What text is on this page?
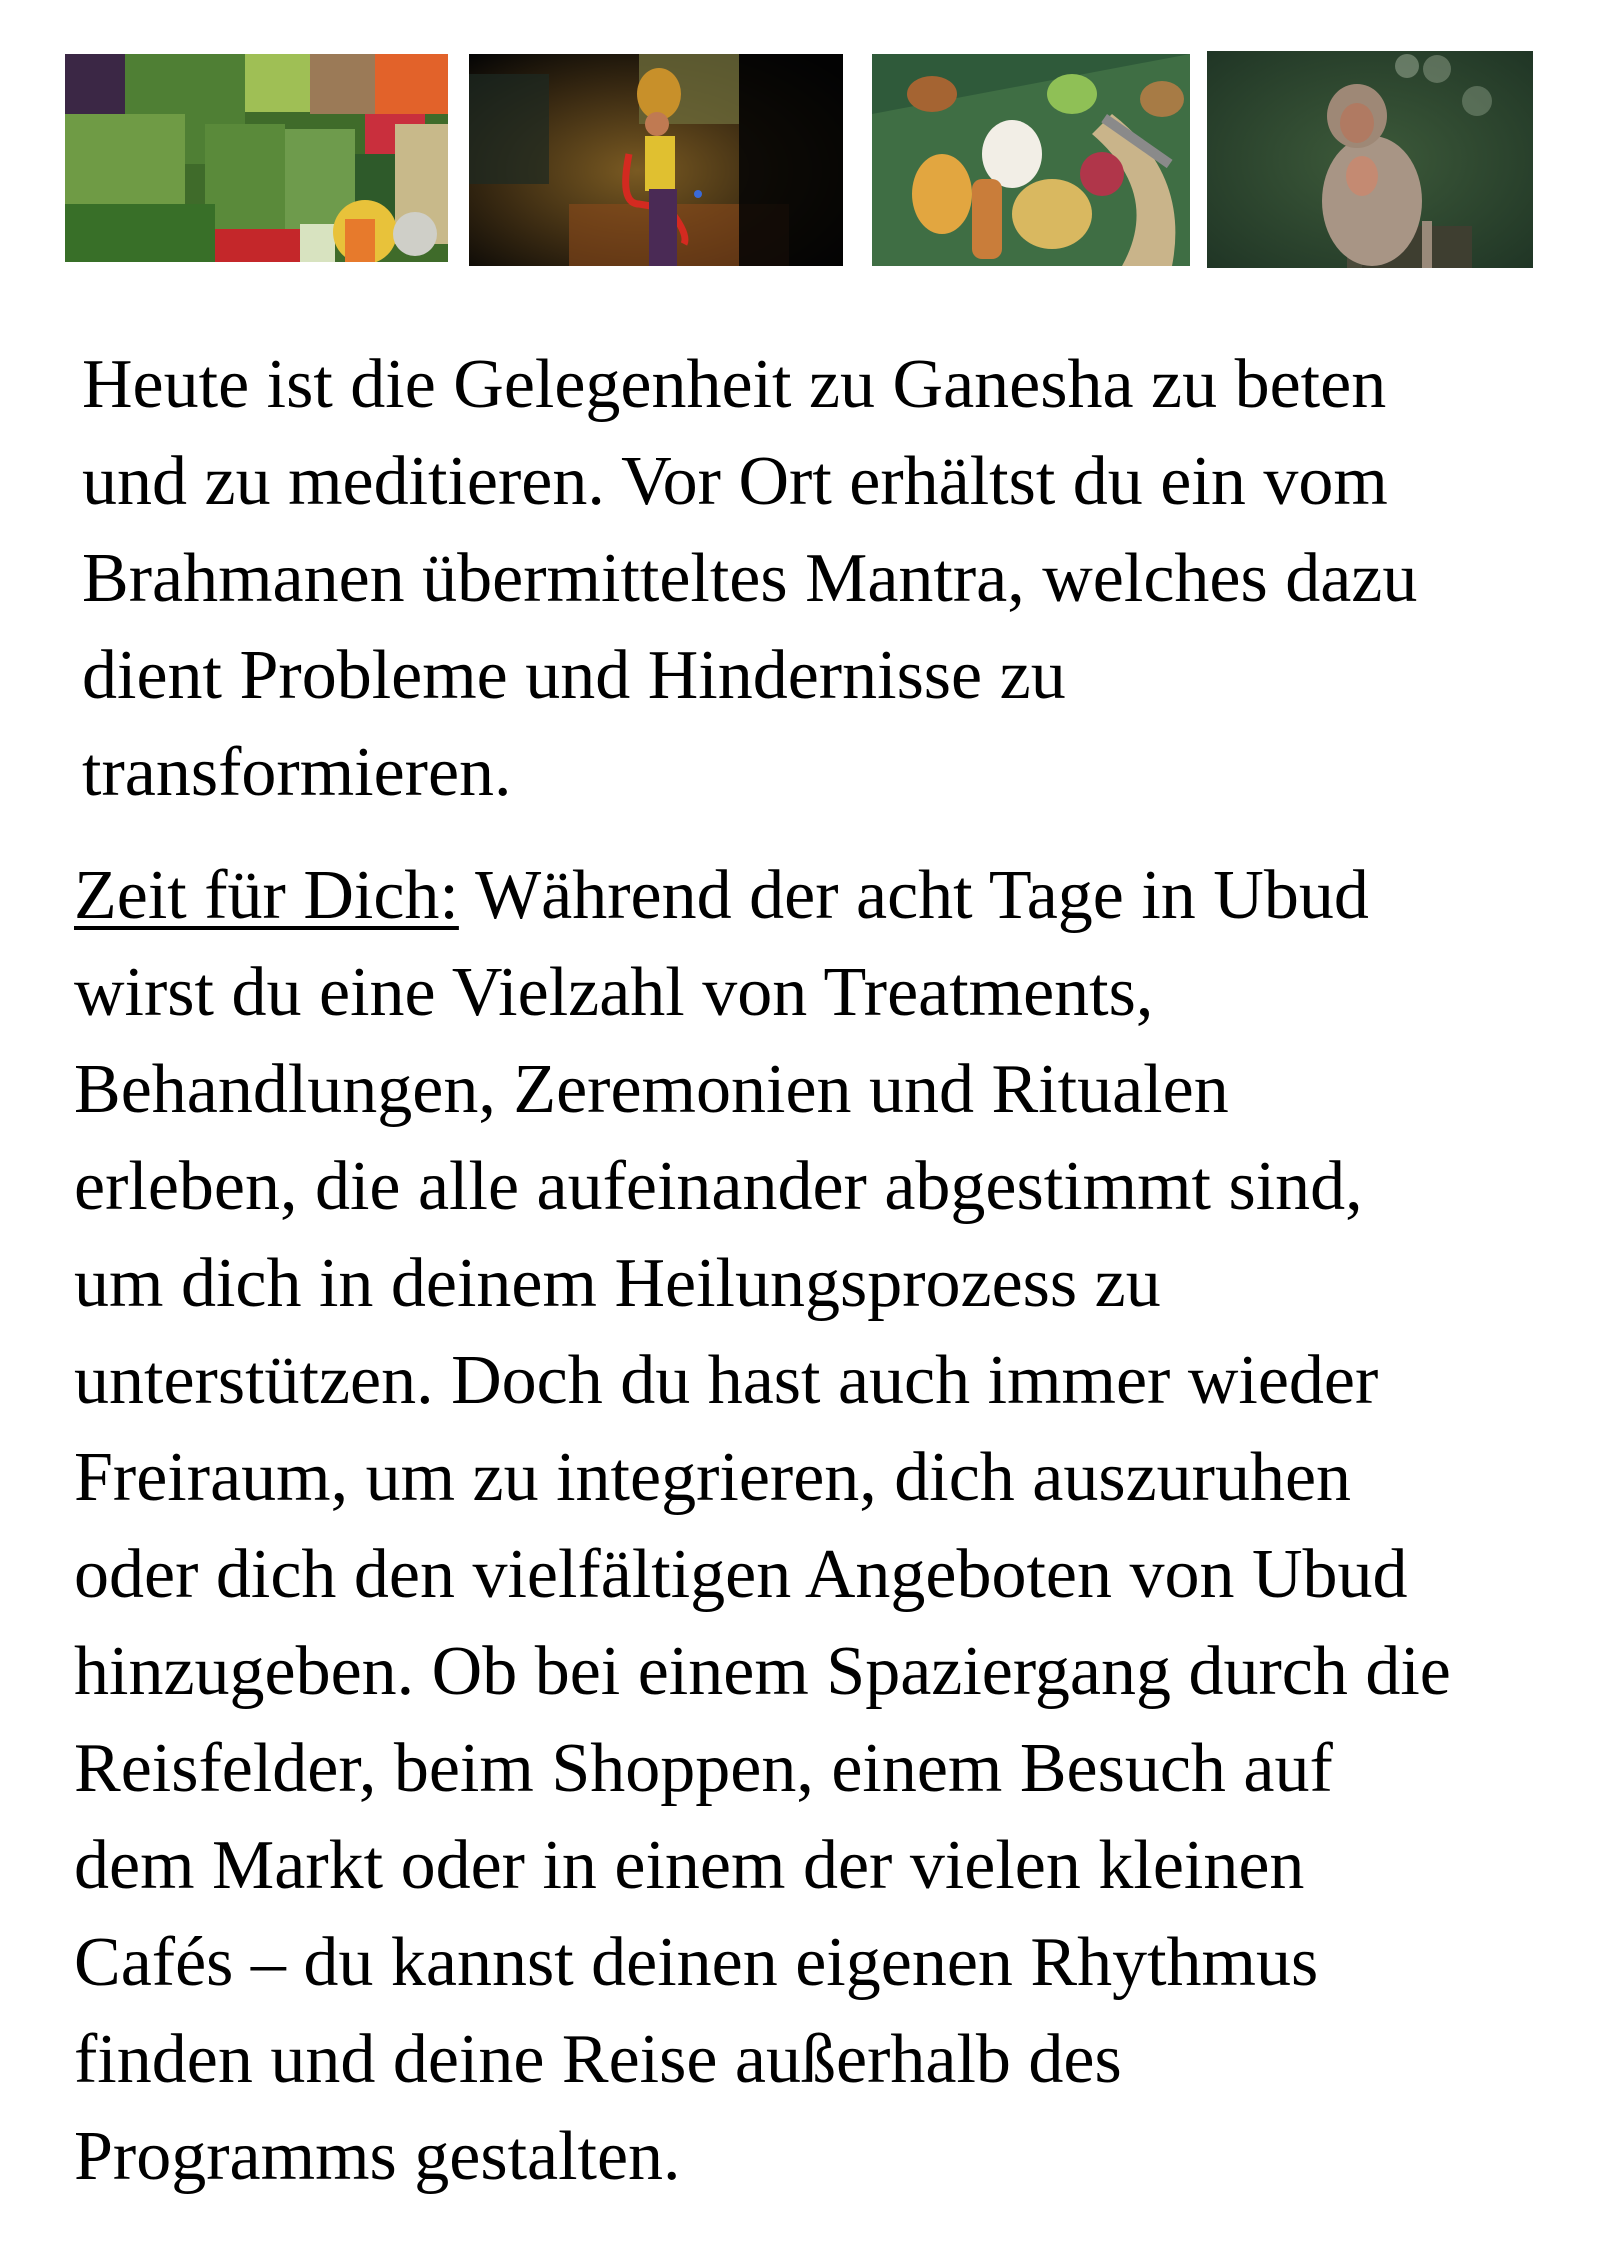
Heute ist die Gelegenheit zu Ganesha zu beten
und zu meditieren. Vor Ort erhältst du ein vom
Brahmanen übermitteltes Mantra, welches dazu
dient Probleme und Hindernisse zu
transformieren.
Zeit für Dich: Während der acht Tage in Ubud
wirst du eine Vielzahl von Treatments,
Behandlungen, Zeremonien und Ritualen
erleben, die alle aufeinander abgestimmt sind,
um dich in deinem Heilungsprozess zu
unterstützen. Doch du hast auch immer wieder
Freiraum, um zu integrieren, dich auszuruhen
oder dich den vielfältigen Angeboten von Ubud
hinzugeben. Ob bei einem Spaziergang durch die
Reisfelder, beim Shoppen, einem Besuch auf
dem Markt oder in einem der vielen kleinen
Cafés – du kannst deinen eigenen Rhythmus
finden und deine Reise außerhalb des
Programms gestalten.
